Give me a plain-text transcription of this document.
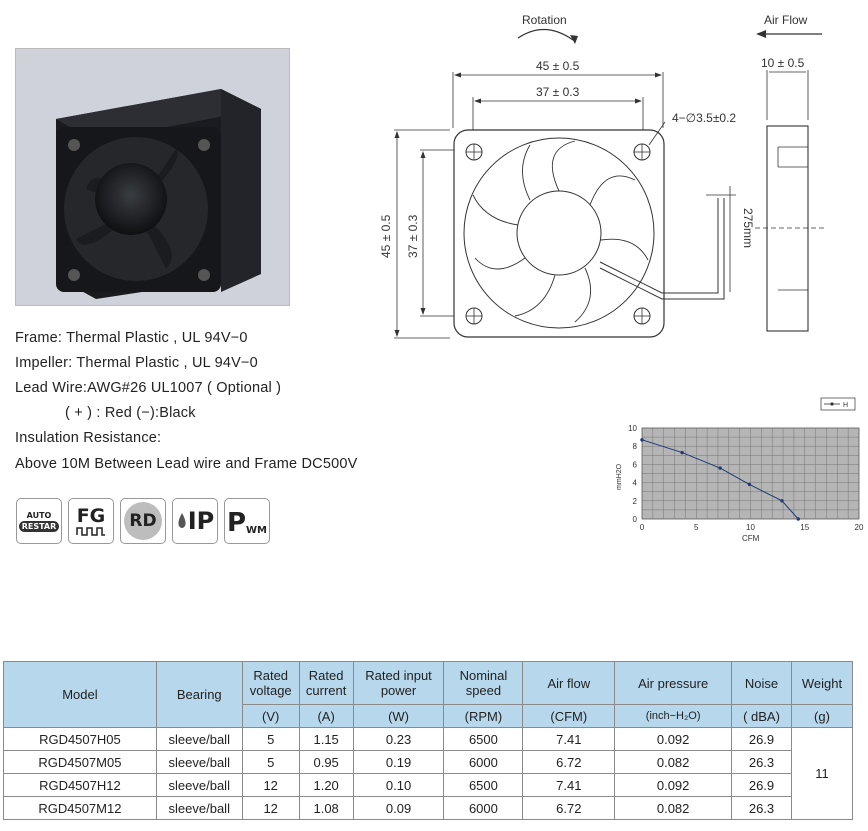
Frame: Thermal Plastic , UL 94V−0
Impeller: Thermal Plastic , UL 94V−0
Lead Wire:AWG#26 UL1007 ( Optional )
( + ) : Red (−):Black
Insulation Resistance:
Above 10M Between Lead wire and Frame DC500V
AUTO
RESTAR FG	RD IP P WM
Rotation	Air Flow
45 ± 0.5
37 ± 0.3
45 ± 0.5 37 ± 0.3
4−∅3.5±0.2
275mm
10 ± 0.5
H
0	5	10	15	20
0
2
4
6
8
10
CFM
mmH2O
Model	Bearing	Rated voltage	Rated current	Rated input power	Nominal speed	Air flow	Air pressure	Noise	Weight
		(V)	(A)	(W)	(RPM)	(CFM)	(inch−H₂O)	( dBA)	(g)
RGD4507H05	sleeve/ball	5	1.15	0.23	6500	7.41	0.092	26.9	11
RGD4507M05	sleeve/ball	5	0.95	0.19	6000	6.72	0.082	26.3	
RGD4507H12	sleeve/ball	12	1.20	0.10	6500	7.41	0.092	26.9	
RGD4507M12	sleeve/ball	12	1.08	0.09	6000	6.72	0.082	26.3	
